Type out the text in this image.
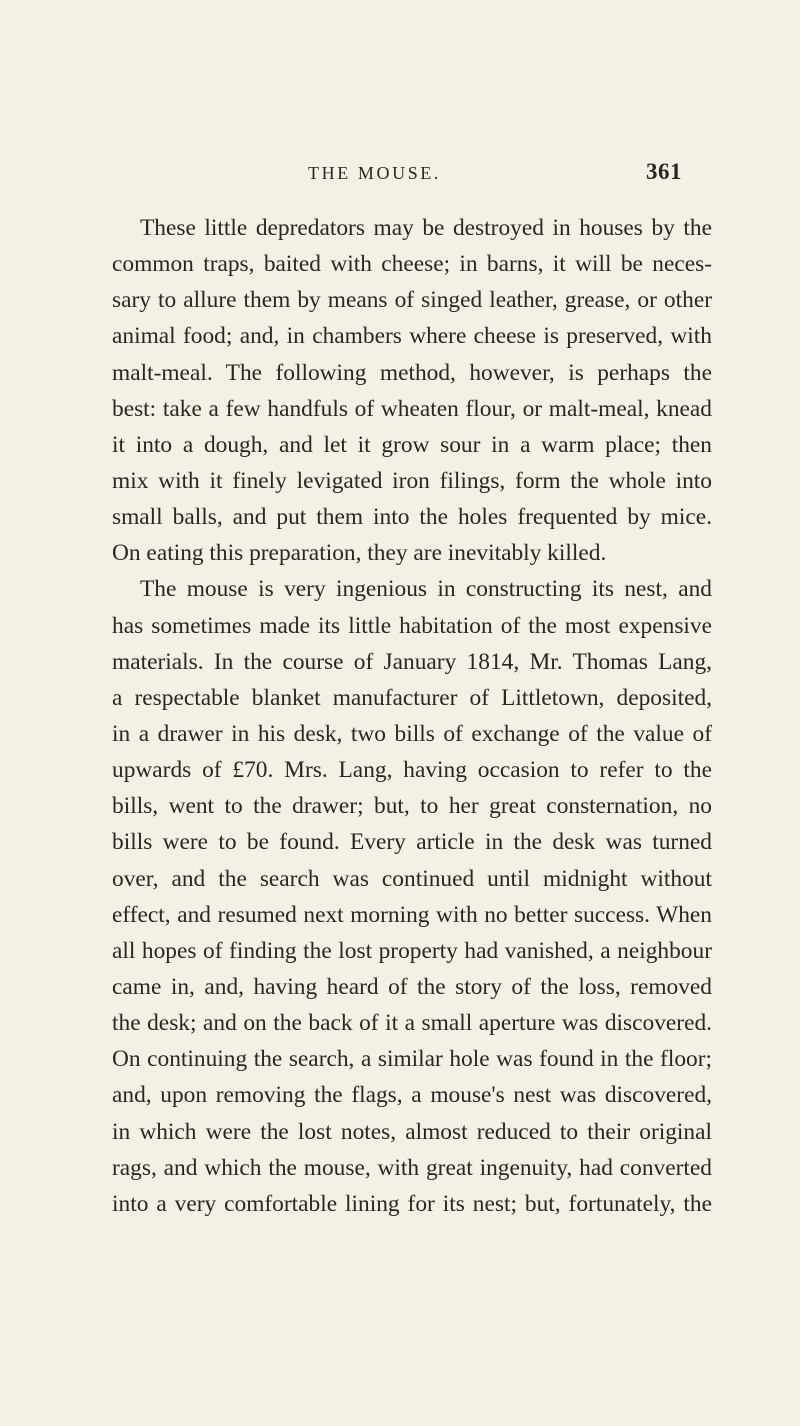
THE MOUSE.	361
These little depredators may be destroyed in houses by the
common traps, baited with cheese; in barns, it will be neces-
sary to allure them by means of singed leather, grease, or other
animal food; and, in chambers where cheese is preserved, with
malt-meal. The following method, however, is perhaps the
best: take a few handfuls of wheaten flour, or malt-meal, knead
it into a dough, and let it grow sour in a warm place; then
mix with it finely levigated iron filings, form the whole into
small balls, and put them into the holes frequented by mice.
On eating this preparation, they are inevitably killed.
The mouse is very ingenious in constructing its nest, and
has sometimes made its little habitation of the most expensive
materials. In the course of January 1814, Mr. Thomas Lang,
a respectable blanket manufacturer of Littletown, deposited,
in a drawer in his desk, two bills of exchange of the value of
upwards of £70. Mrs. Lang, having occasion to refer to the
bills, went to the drawer; but, to her great consternation, no
bills were to be found. Every article in the desk was turned
over, and the search was continued until midnight without
effect, and resumed next morning with no better success. When
all hopes of finding the lost property had vanished, a neighbour
came in, and, having heard of the story of the loss, removed
the desk; and on the back of it a small aperture was discovered.
On continuing the search, a similar hole was found in the floor;
and, upon removing the flags, a mouse's nest was discovered,
in which were the lost notes, almost reduced to their original
rags, and which the mouse, with great ingenuity, had converted
into a very comfortable lining for its nest; but, fortunately, the
